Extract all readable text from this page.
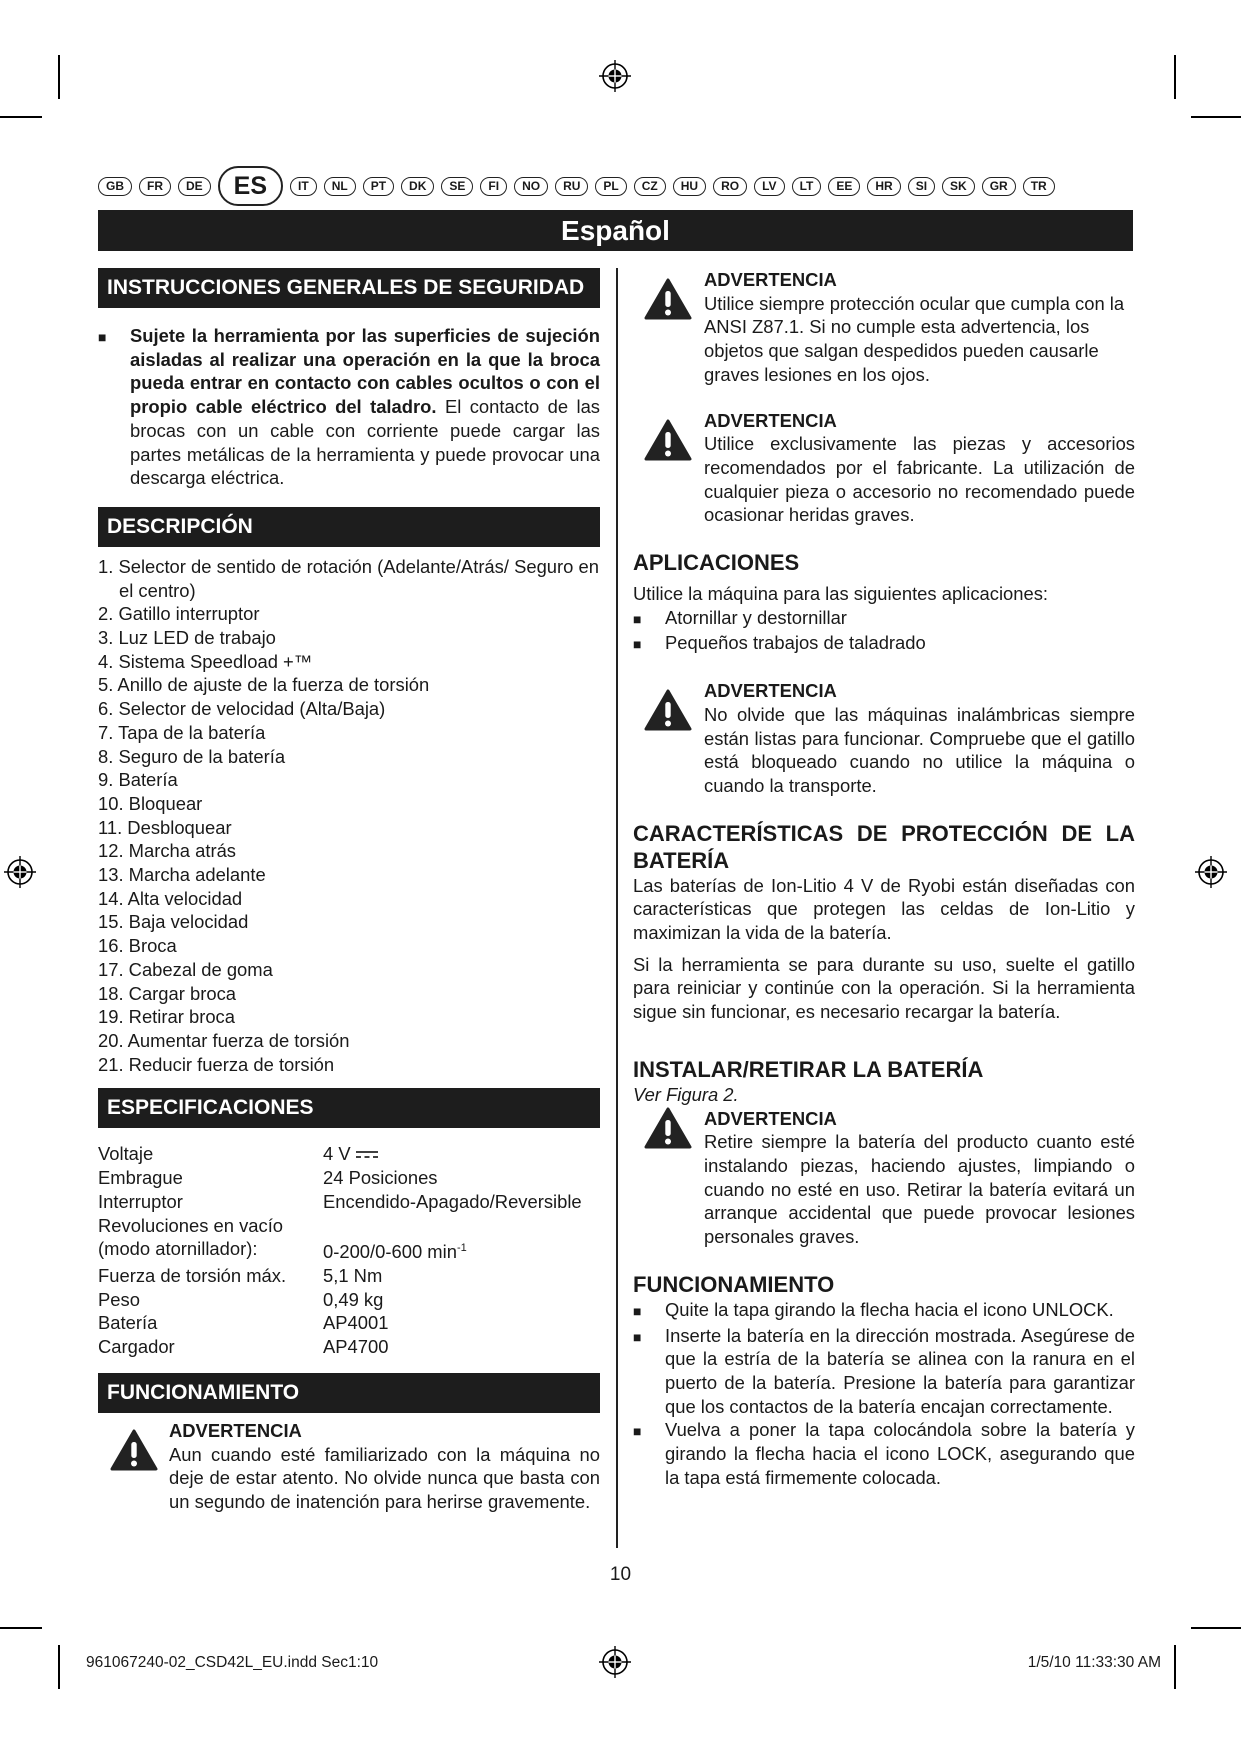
GB	FR	DE	ES	IT	NL	PT	DK	SE	FI	NO	RU	PL	CZ	HU	RO	LV	LT	EE	HR	SI	SK	GR	TR
Español
INSTRUCCIONES GENERALES DE SEGURIDAD
■	Sujete la herramienta por las superficies de sujeción aisladas al realizar una operación en la que la broca pueda entrar en contacto con cables ocultos o con el propio cable eléctrico del taladro. El contacto de las brocas con un cable con corriente puede cargar las partes metálicas de la herramienta y puede provocar una descarga eléctrica.
DESCRIPCIÓN
1. Selector de sentido de rotación (Adelante/Atrás/ Seguro en el centro)
2. Gatillo interruptor
3. Luz LED de trabajo
4. Sistema Speedload +™
5. Anillo de ajuste de la fuerza de torsión
6. Selector de velocidad (Alta/Baja)
7. Tapa de la batería
8. Seguro de la batería
9. Batería
10. Bloquear
11. Desbloquear
12. Marcha atrás
13. Marcha adelante
14. Alta velocidad
15. Baja velocidad
16. Broca
17. Cabezal de goma
18. Cargar broca
19. Retirar broca
20. Aumentar fuerza de torsión
21. Reducir fuerza de torsión
ESPECIFICACIONES
Voltaje	4 V
Embrague	24 Posiciones
Interruptor	Encendido-Apagado/Reversible
Revoluciones en vacío	
(modo atornillador):	0-200/0-600 $\min^{-1}$
Fuerza de torsión máx.	5,1 Nm
Peso	0,49 kg
Batería	AP4001
Cargador	AP4700
FUNCIONAMIENTO
ADVERTENCIA
Aun cuando esté familiarizado con la máquina no deje de estar atento. No olvide nunca que basta con un segundo de inatención para herirse gravemente.
ADVERTENCIA
Utilice siempre protección ocular que cumpla con la ANSI Z87.1. Si no cumple esta advertencia, los objetos que salgan despedidos pueden causarle graves lesiones en los ojos.
ADVERTENCIA
Utilice exclusivamente las piezas y accesorios recomendados por el fabricante. La utilización de cualquier pieza o accesorio no recomendado puede ocasionar heridas graves.
APLICACIONES
Utilice la máquina para las siguientes aplicaciones:
■	Atornillar y destornillar
■	Pequeños trabajos de taladrado
ADVERTENCIA
No olvide que las máquinas inalámbricas siempre están listas para funcionar. Compruebe que el gatillo está bloqueado cuando no utilice la máquina o cuando la transporte.
CARACTERÍSTICAS DE PROTECCIÓN DE LA BATERÍA

Las baterías de Ion-Litio 4 V de Ryobi están diseñadas con características que protegen las celdas de Ion-Litio y maximizan la vida de la batería.

Si la herramienta se para durante su uso, suelte el gatillo para reiniciar y continúe con la operación. Si la herramienta sigue sin funcionar, es necesario recargar la batería.

INSTALAR/RETIRAR LA BATERÍA
Ver Figura 2.
ADVERTENCIA
Retire siempre la batería del producto cuanto esté instalando piezas, haciendo ajustes, limpiando o cuando no esté en uso. Retirar la batería evitará un arranque accidental que puede provocar lesiones personales graves.
FUNCIONAMIENTO
■	Quite la tapa girando la flecha hacia el icono UNLOCK.
■	Inserte la batería en la dirección mostrada. Asegúrese de que la estría de la batería se alinea con la ranura en el puerto de la batería. Presione la batería para garantizar que los contactos de la batería encajan correctamente.
■	Vuelva a poner la tapa colocándola sobre la batería y girando la flecha hacia el icono LOCK, asegurando que la tapa está firmemente colocada.
10
961067240-02_CSD42L_EU.indd Sec1:10	1/5/10 11:33:30 AM
